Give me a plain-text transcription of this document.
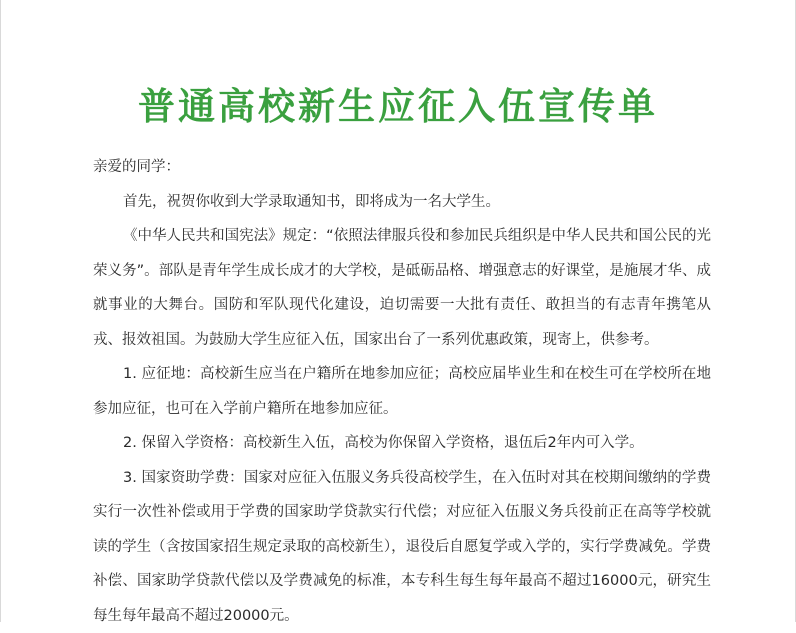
普通高校新生应征入伍宣传单

亲爱的同学：

首先，祝贺你收到大学录取通知书，即将成为一名大学生。

《中华人民共和国宪法》规定：“依照法律服兵役和参加民兵组织是中华人民共和国公民的光荣义务”。部队是青年学生成长成才的大学校，是砥砺品格、增强意志的好课堂，是施展才华、成就事业的大舞台。国防和军队现代化建设，迫切需要一大批有责任、敢担当的有志青年携笔从戎、报效祖国。为鼓励大学生应征入伍，国家出台了一系列优惠政策，现寄上，供参考。

1. 应征地：高校新生应当在户籍所在地参加应征；高校应届毕业生和在校生可在学校所在地参加应征，也可在入学前户籍所在地参加应征。

2. 保留入学资格：高校新生入伍，高校为你保留入学资格，退伍后2年内可入学。

3. 国家资助学费：国家对应征入伍服义务兵役高校学生，在入伍时对其在校期间缴纳的学费实行一次性补偿或用于学费的国家助学贷款实行代偿；对应征入伍服义务兵役前正在高等学校就读的学生（含按国家招生规定录取的高校新生），退役后自愿复学或入学的，实行学费减免。学费补偿、国家助学贷款代偿以及学费减免的标准，本专科生每生每年最高不超过16000元，研究生每生每年最高不超过20000元。
